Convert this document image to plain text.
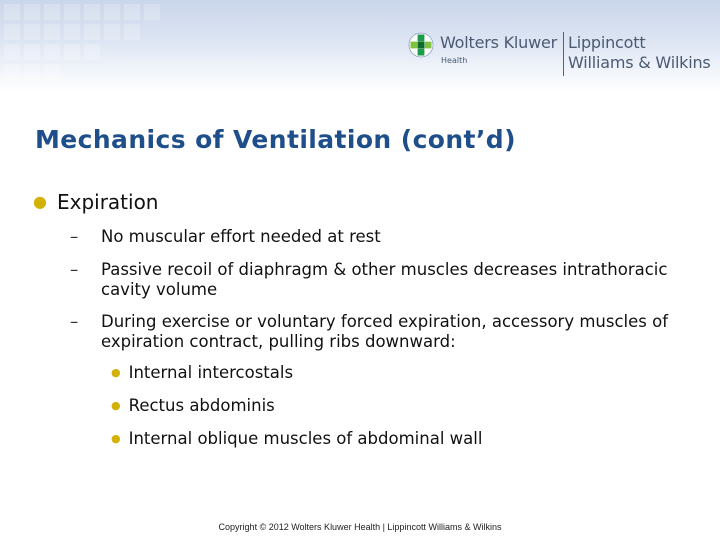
Wolters Kluwer
Health
Lippincott
Williams & Wilkins
Mechanics of Ventilation (cont’d)
● Expiration
– No muscular effort needed at rest
– Passive recoil of diaphragm & other muscles decreases intrathoracic cavity volume
– During exercise or voluntary forced expiration, accessory muscles of expiration contract, pulling ribs downward:
● Internal intercostals
● Rectus abdominis
● Internal oblique muscles of abdominal wall
Copyright © 2012 Wolters Kluwer Health | Lippincott Williams & Wilkins
